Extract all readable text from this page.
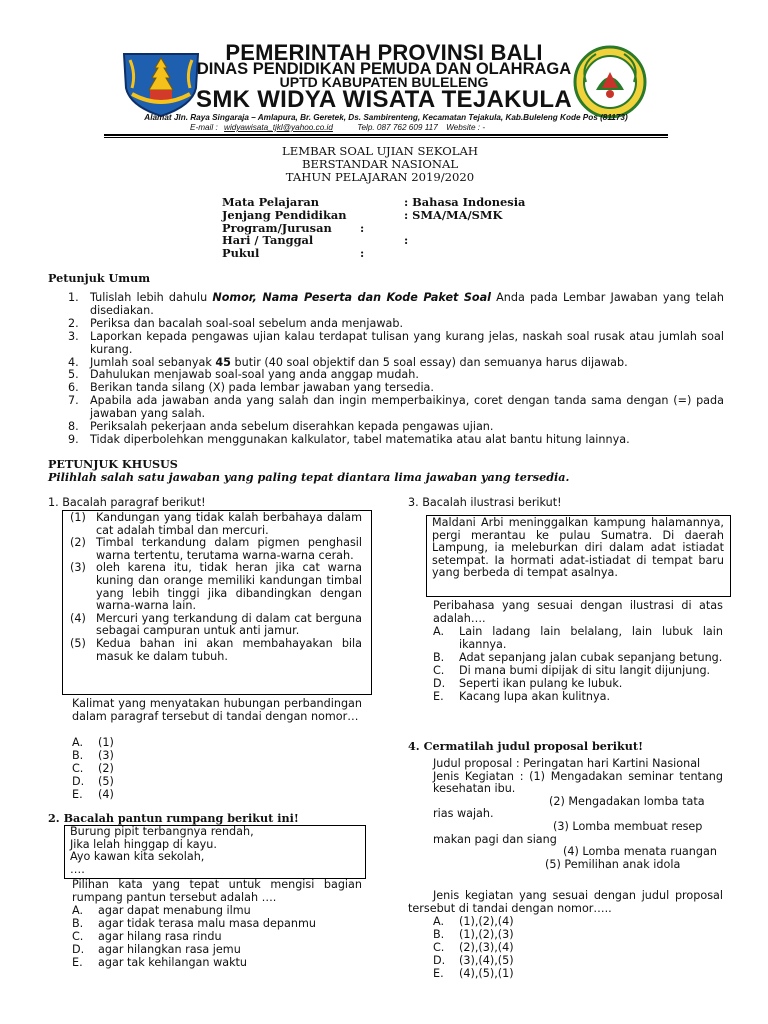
PEMERINTAH PROVINSI BALI
DINAS PENDIDIKAN PEMUDA DAN OLAHRAGA
UPTD KABUPATEN BULELENG
SMK WIDYA WISATA TEJAKULA
Alamat Jln. Raya Singaraja – Amlapura, Br. Geretek, Ds. Sambirenteng, Kecamatan Tejakula, Kab.Buleleng Kode Pos (81173)
E-mail : widyawisata_tjkl@yahoo.co.id	Telp. 087 762 609 117 Website : -
LEMBAR SOAL UJIAN SEKOLAH
BERSTANDAR NASIONAL
TAHUN PELAJARAN 2019/2020
Mata Pelajaran	: Bahasa Indonesia
Jenjang Pendidikan	: SMA/MA/SMK
Program/Jurusan :
Hari / Tanggal	:
Pukul	:
Petunjuk Umum
1. Tulislah lebih dahulu Nomor, Nama Peserta dan Kode Paket Soal Anda pada Lembar Jawaban yang telah disediakan.
2. Periksa dan bacalah soal-soal sebelum anda menjawab.
3. Laporkan kepada pengawas ujian kalau terdapat tulisan yang kurang jelas, naskah soal rusak atau jumlah soal kurang.
4. Jumlah soal sebanyak 45 butir (40 soal objektif dan 5 soal essay) dan semuanya harus dijawab.
5. Dahulukan menjawab soal-soal yang anda anggap mudah.
6. Berikan tanda silang (X) pada lembar jawaban yang tersedia.
7. Apabila ada jawaban anda yang salah dan ingin memperbaikinya, coret dengan tanda sama dengan (=) pada jawaban yang salah.
8. Periksalah pekerjaan anda sebelum diserahkan kepada pengawas ujian.
9. Tidak diperbolehkan menggunakan kalkulator, tabel matematika atau alat bantu hitung lainnya.
PETUNJUK KHUSUS
Pilihlah salah satu jawaban yang paling tepat diantara lima jawaban yang tersedia.
1. Bacalah paragraf berikut!
(1) Kandungan yang tidak kalah berbahaya dalam cat adalah timbal dan mercuri.
(2) Timbal terkandung dalam pigmen penghasil warna tertentu, terutama warna-warna cerah.
(3) oleh karena itu, tidak heran jika cat warna kuning dan orange memiliki kandungan timbal yang lebih tinggi jika dibandingkan dengan warna-warna lain.
(4) Mercuri yang terkandung di dalam cat berguna sebagai campuran untuk anti jamur.
(5) Kedua bahan ini akan membahayakan bila masuk ke dalam tubuh.
Kalimat yang menyatakan hubungan perbandingan dalam paragraf tersebut di tandai dengan nomor…
A. (1)
B. (3)
C. (2)
D. (5)
E. (4)
2. Bacalah pantun rumpang berikut ini!
Burung pipit terbangnya rendah,
Jika lelah hinggap di kayu.
Ayo kawan kita sekolah,
….
Pilihan kata yang tepat untuk mengisi bagian rumpang pantun tersebut adalah ….
A. agar dapat menabung ilmu
B. agar tidak terasa malu masa depanmu
C. agar hilang rasa rindu
D. agar hilangkan rasa jemu
E. agar tak kehilangan waktu
3. Bacalah ilustrasi berikut!
Maldani Arbi meninggalkan kampung halamannya, pergi merantau ke pulau Sumatra. Di daerah Lampung, ia meleburkan diri dalam adat istiadat setempat. Ia hormati adat-istiadat di tempat baru yang berbeda di tempat asalnya.
Peribahasa yang sesuai dengan ilustrasi di atas adalah….
A. Lain ladang lain belalang, lain lubuk lain ikannya.
B. Adat sepanjang jalan cubak sepanjang betung.
C. Di mana bumi dipijak di situ langit dijunjung.
D. Seperti ikan pulang ke lubuk.
E. Kacang lupa akan kulitnya.
4. Cermatilah judul proposal berikut!
Judul proposal : Peringatan hari Kartini Nasional
Jenis Kegiatan : (1) Mengadakan seminar tentang kesehatan ibu.
(2) Mengadakan lomba tata
rias wajah.
(3) Lomba membuat resep
makan pagi dan siang
(4) Lomba menata ruangan
(5) Pemilihan anak idola
Jenis kegiatan yang sesuai dengan judul proposal tersebut di tandai dengan nomor…..
A. (1),(2),(4)
B. (1),(2),(3)
C. (2),(3),(4)
D. (3),(4),(5)
E. (4),(5),(1)
